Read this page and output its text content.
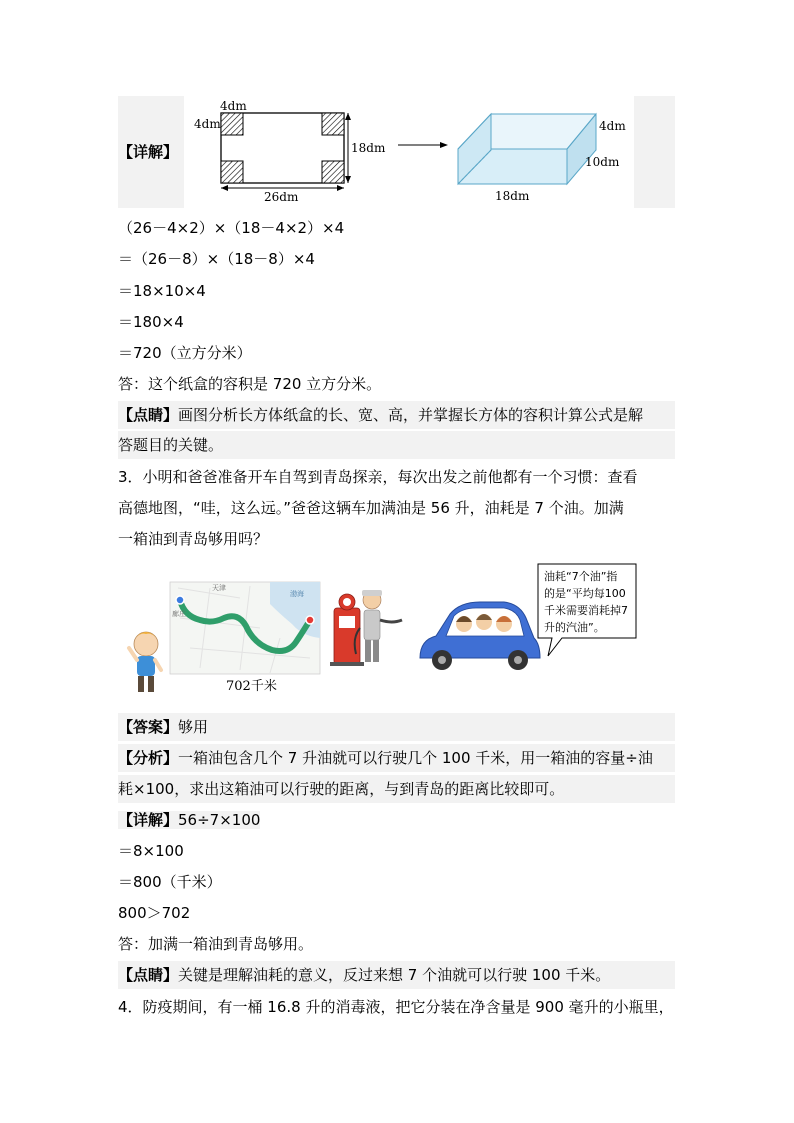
【详解】
4dm
4dm
18dm
26dm
4dm
10dm
18dm
（26－4×2）×（18－4×2）×4
＝（26－8）×（18－8）×4
＝18×10×4
＝180×4
＝720（立方分米）
答：这个纸盒的容积是 720 立方分米。
【点睛】画图分析长方体纸盒的长、宽、高，并掌握长方体的容积计算公式是解
答题目的关键。
3．小明和爸爸准备开车自驾到青岛探亲，每次出发之前他都有一个习惯：查看
高德地图，“哇，这么远。”爸爸这辆车加满油是 56 升，油耗是 7 个油。加满
一箱油到青岛够用吗？
天津
渤海
廊庄
702千米
油耗“7个油”指
的是“平均每100
千米需要消耗掉7
升的汽油”。
【答案】够用
【分析】一箱油包含几个 7 升油就可以行驶几个 100 千米，用一箱油的容量÷油
耗×100，求出这箱油可以行驶的距离，与到青岛的距离比较即可。
【详解】56÷7×100
＝8×100
＝800（千米）
800＞702
答：加满一箱油到青岛够用。
【点睛】关键是理解油耗的意义，反过来想 7 个油就可以行驶 100 千米。
4．防疫期间，有一桶 16.8 升的消毒液，把它分装在净含量是 900 毫升的小瓶里，
